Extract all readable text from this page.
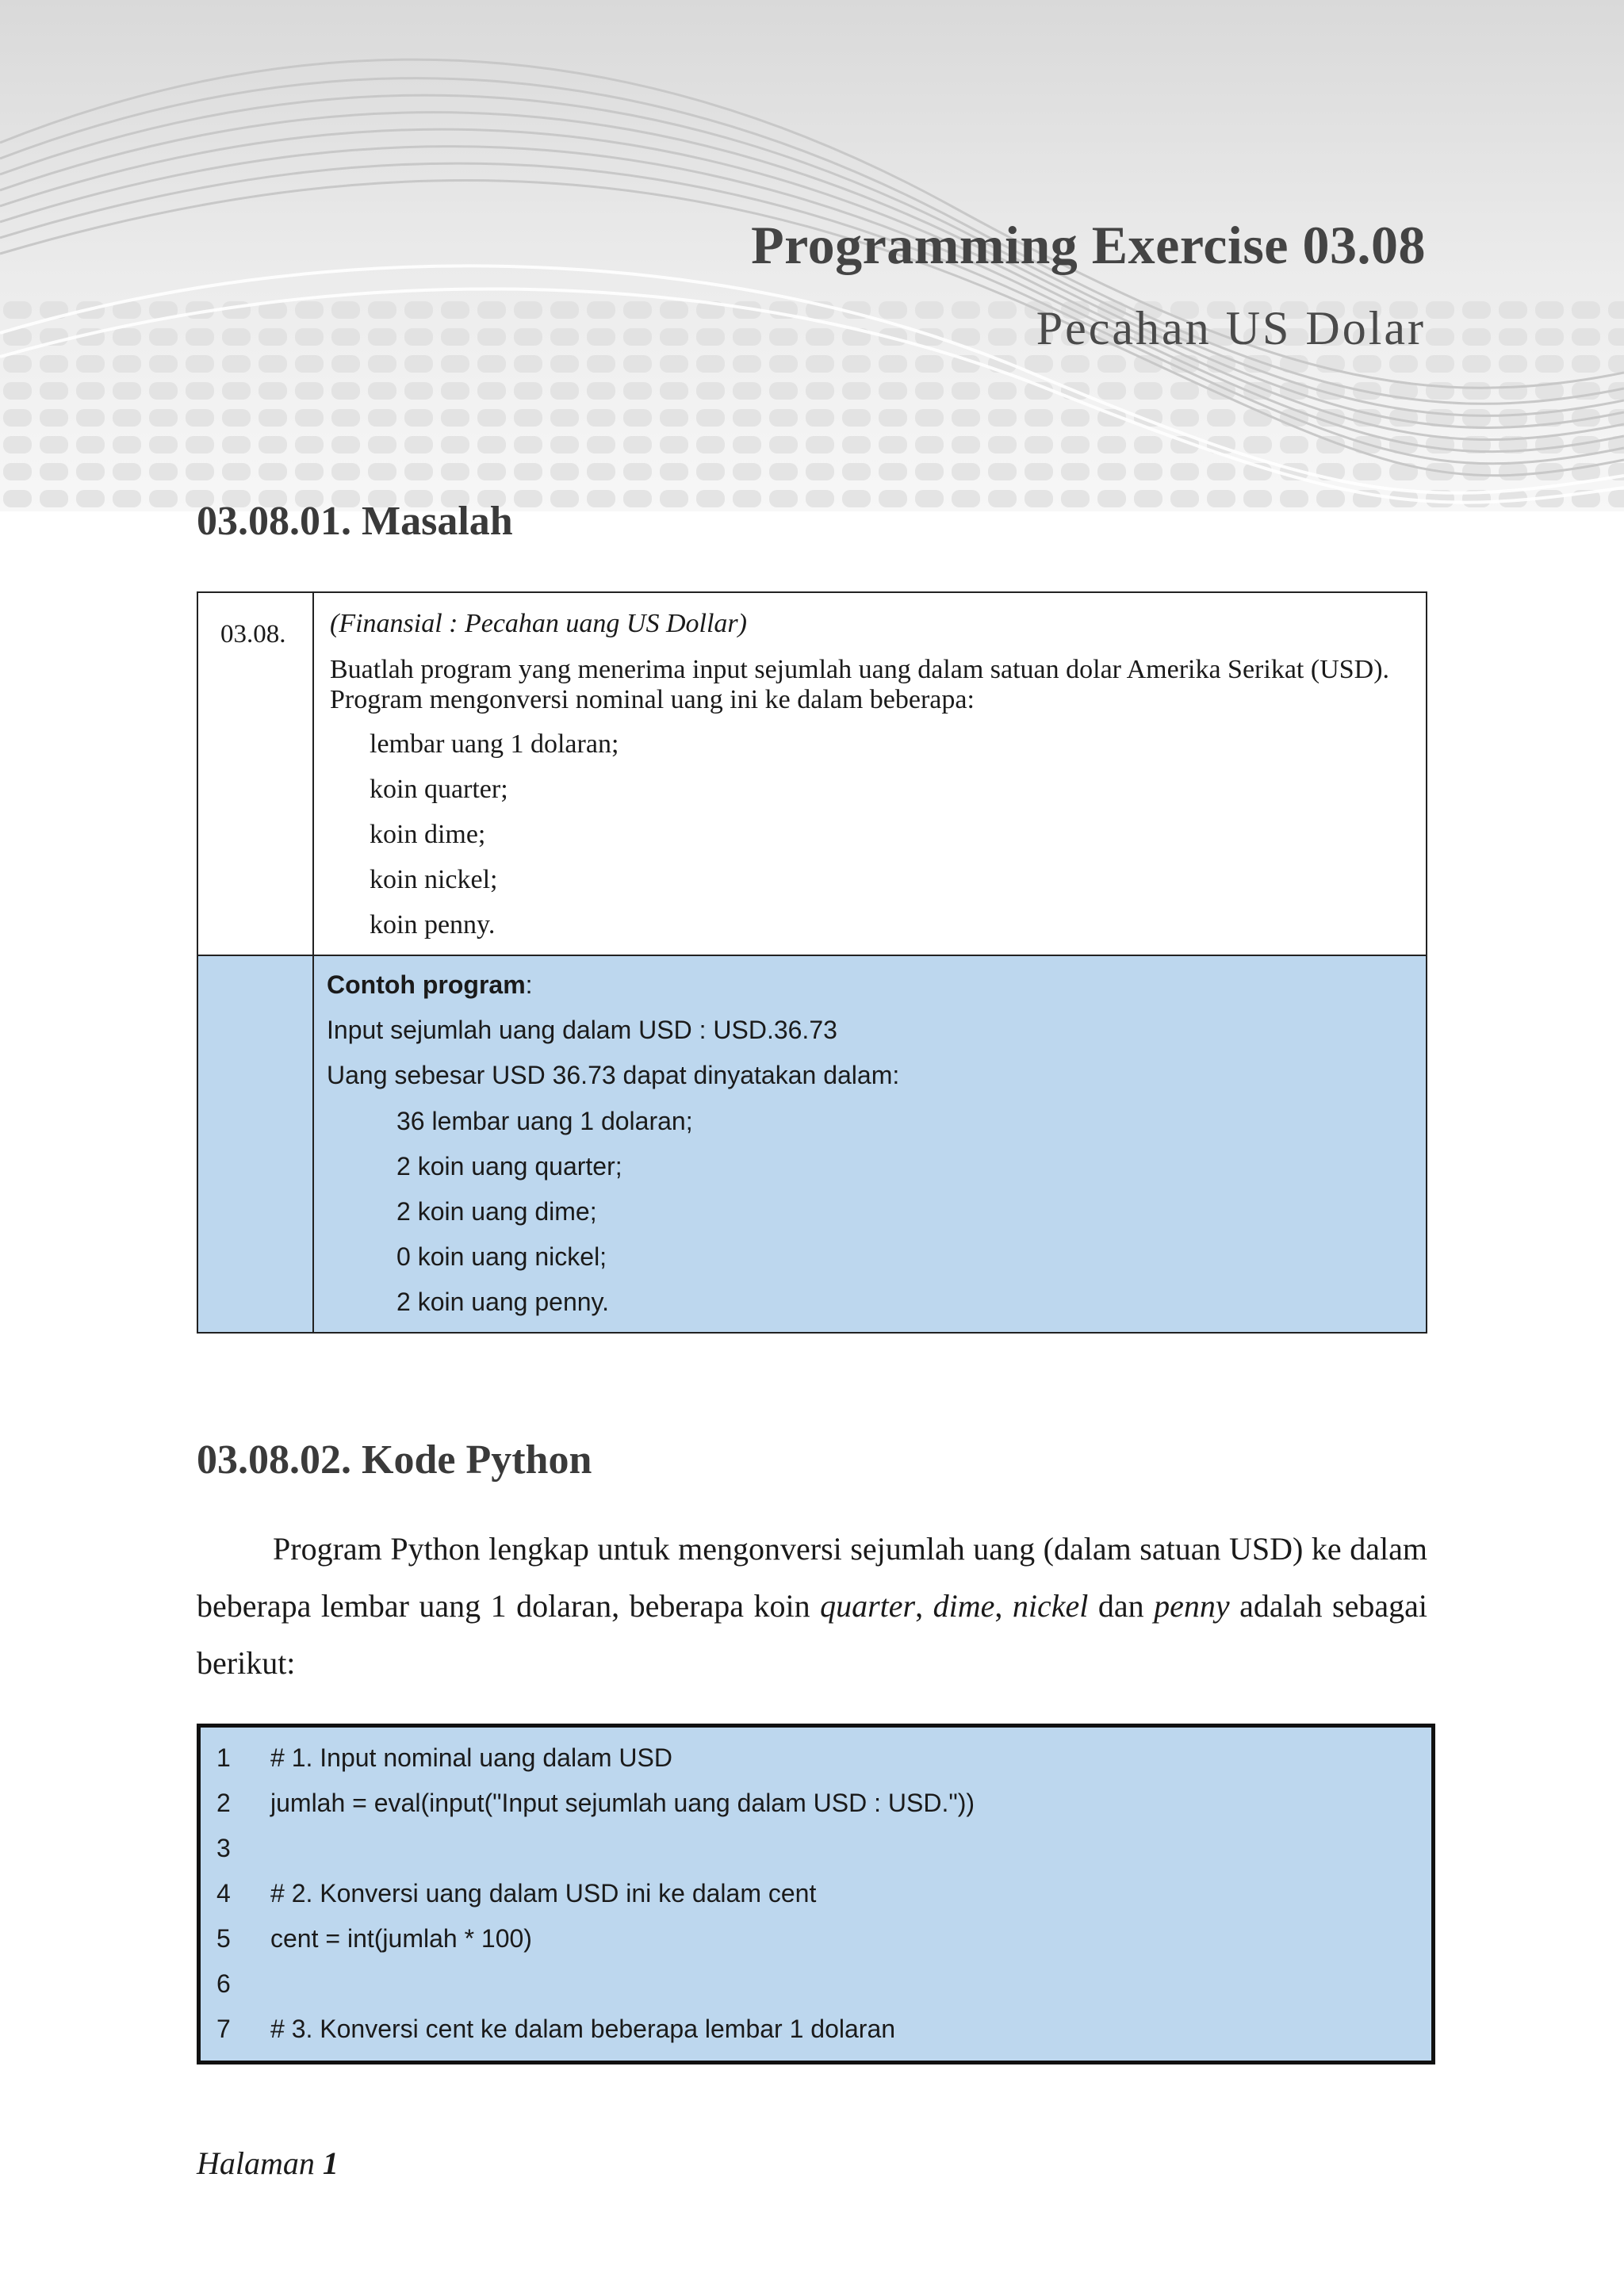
Programming Exercise 03.08
Pecahan US Dolar
03.08.01. Masalah
03.08. (Finansial : Pecahan uang US Dollar)
Buatlah program yang menerima input sejumlah uang dalam satuan dolar Amerika Serikat (USD).
Program mengonversi nominal uang ini ke dalam beberapa:
lembar uang 1 dolaran;
koin quarter;
koin dime;
koin nickel;
koin penny.
Contoh program:
Input sejumlah uang dalam USD : USD.36.73
Uang sebesar USD 36.73 dapat dinyatakan dalam:
36 lembar uang 1 dolaran;
2 koin uang quarter;
2 koin uang dime;
0 koin uang nickel;
2 koin uang penny.
03.08.02. Kode Python
Program Python lengkap untuk mengonversi sejumlah uang (dalam satuan USD) ke dalam beberapa lembar uang 1 dolaran, beberapa koin quarter, dime, nickel dan penny adalah sebagai berikut:
1 # 1. Input nominal uang dalam USD
2 jumlah = eval(input("Input sejumlah uang dalam USD : USD."))
3
4 # 2. Konversi uang dalam USD ini ke dalam cent
5 cent = int(jumlah * 100)
6
7 # 3. Konversi cent ke dalam beberapa lembar 1 dolaran
Halaman 1
